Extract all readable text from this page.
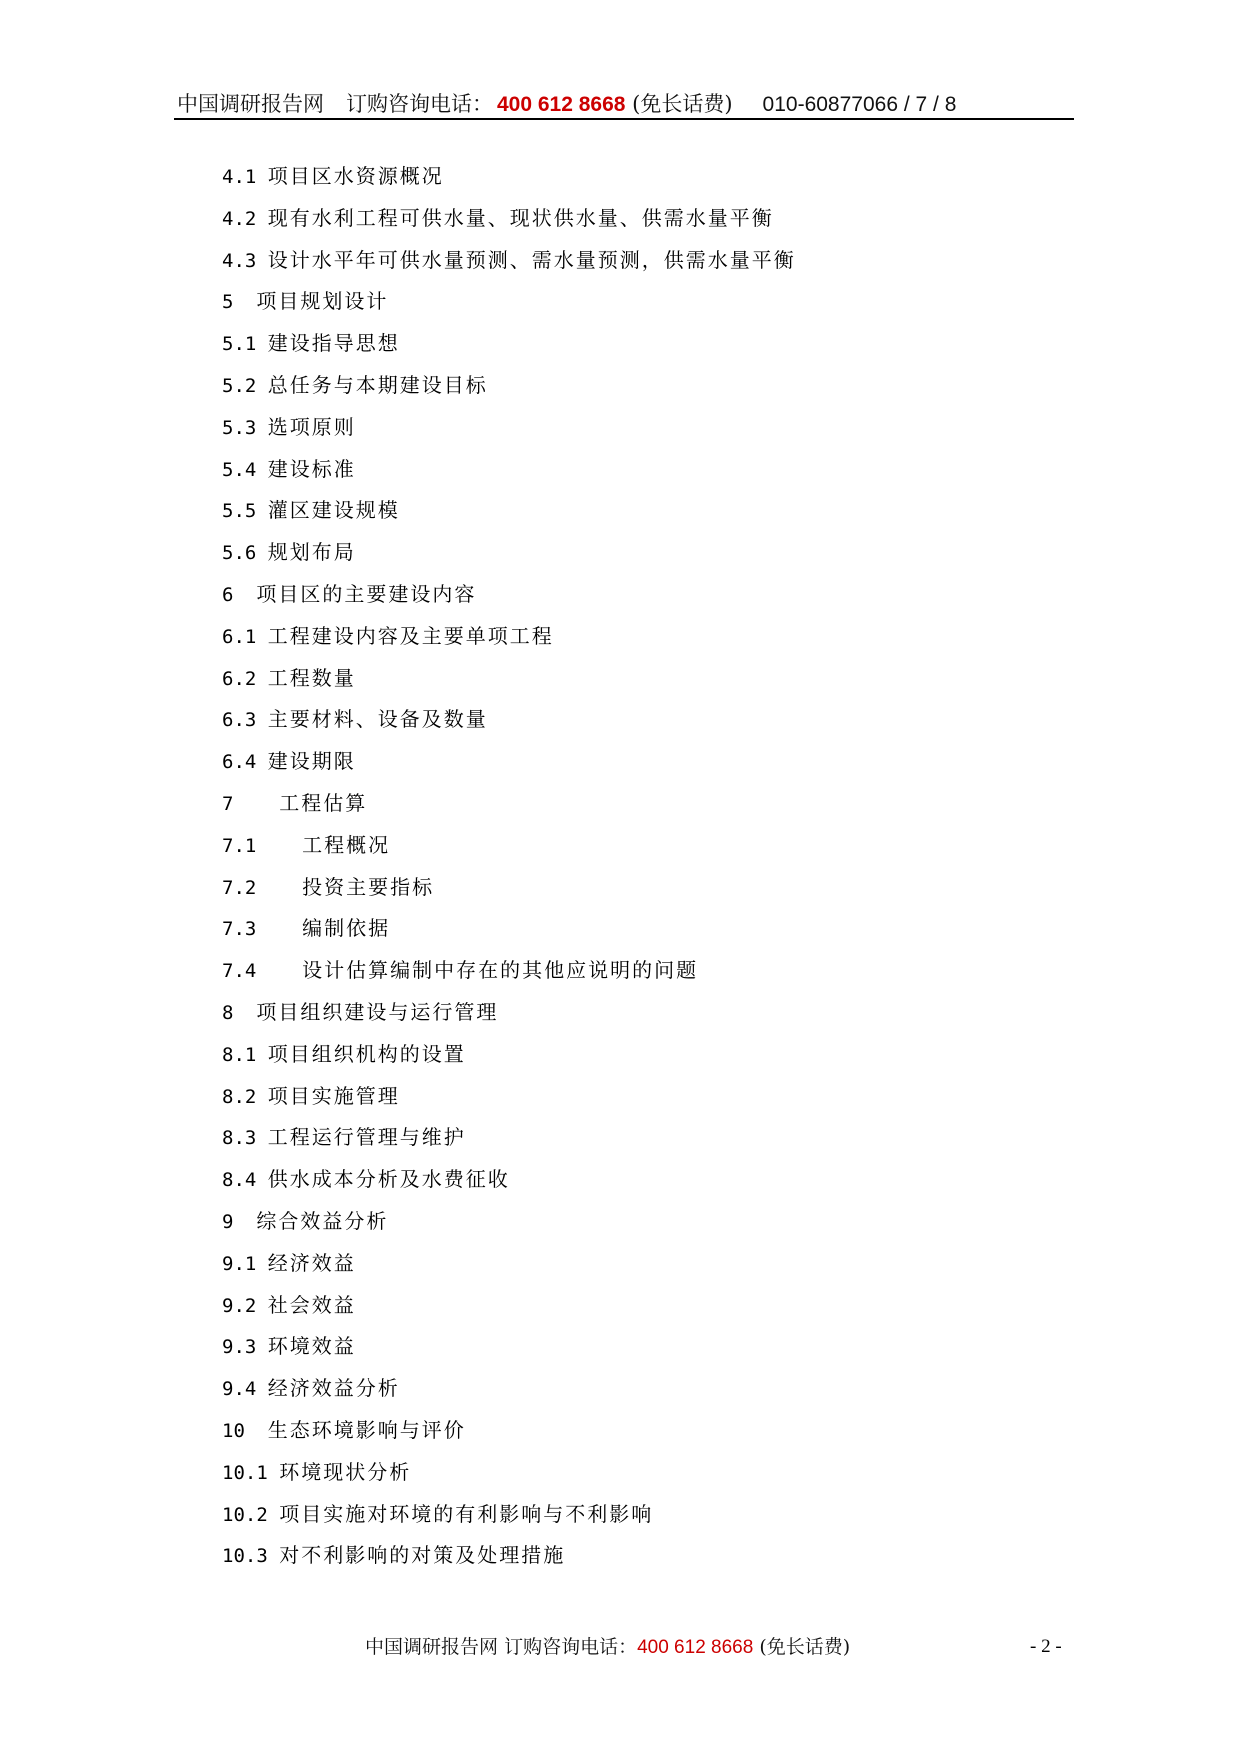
中国调研报告网 订购咨询电话： 400 612 8668 (免长话费) 010-60877066 / 7 / 8
4.1 项目区水资源概况
4.2 现有水利工程可供水量、现状供水量、供需水量平衡
4.3 设计水平年可供水量预测、需水量预测，供需水量平衡
5 项目规划设计
5.1 建设指导思想
5.2 总任务与本期建设目标
5.3 选项原则
5.4 建设标准
5.5 灌区建设规模
5.6 规划布局
6 项目区的主要建设内容
6.1 工程建设内容及主要单项工程
6.2 工程数量
6.3 主要材料、设备及数量
6.4 建设期限
7 工程估算
7.1 工程概况
7.2 投资主要指标
7.3 编制依据
7.4 设计估算编制中存在的其他应说明的问题
8 项目组织建设与运行管理
8.1 项目组织机构的设置
8.2 项目实施管理
8.3 工程运行管理与维护
8.4 供水成本分析及水费征收
9 综合效益分析
9.1 经济效益
9.2 社会效益
9.3 环境效益
9.4 经济效益分析
10 生态环境影响与评价
10.1 环境现状分析
10.2 项目实施对环境的有利影响与不利影响
10.3 对不利影响的对策及处理措施
中国调研报告网 订购咨询电话：400 612 8668 (免长话费)	- 2 -
